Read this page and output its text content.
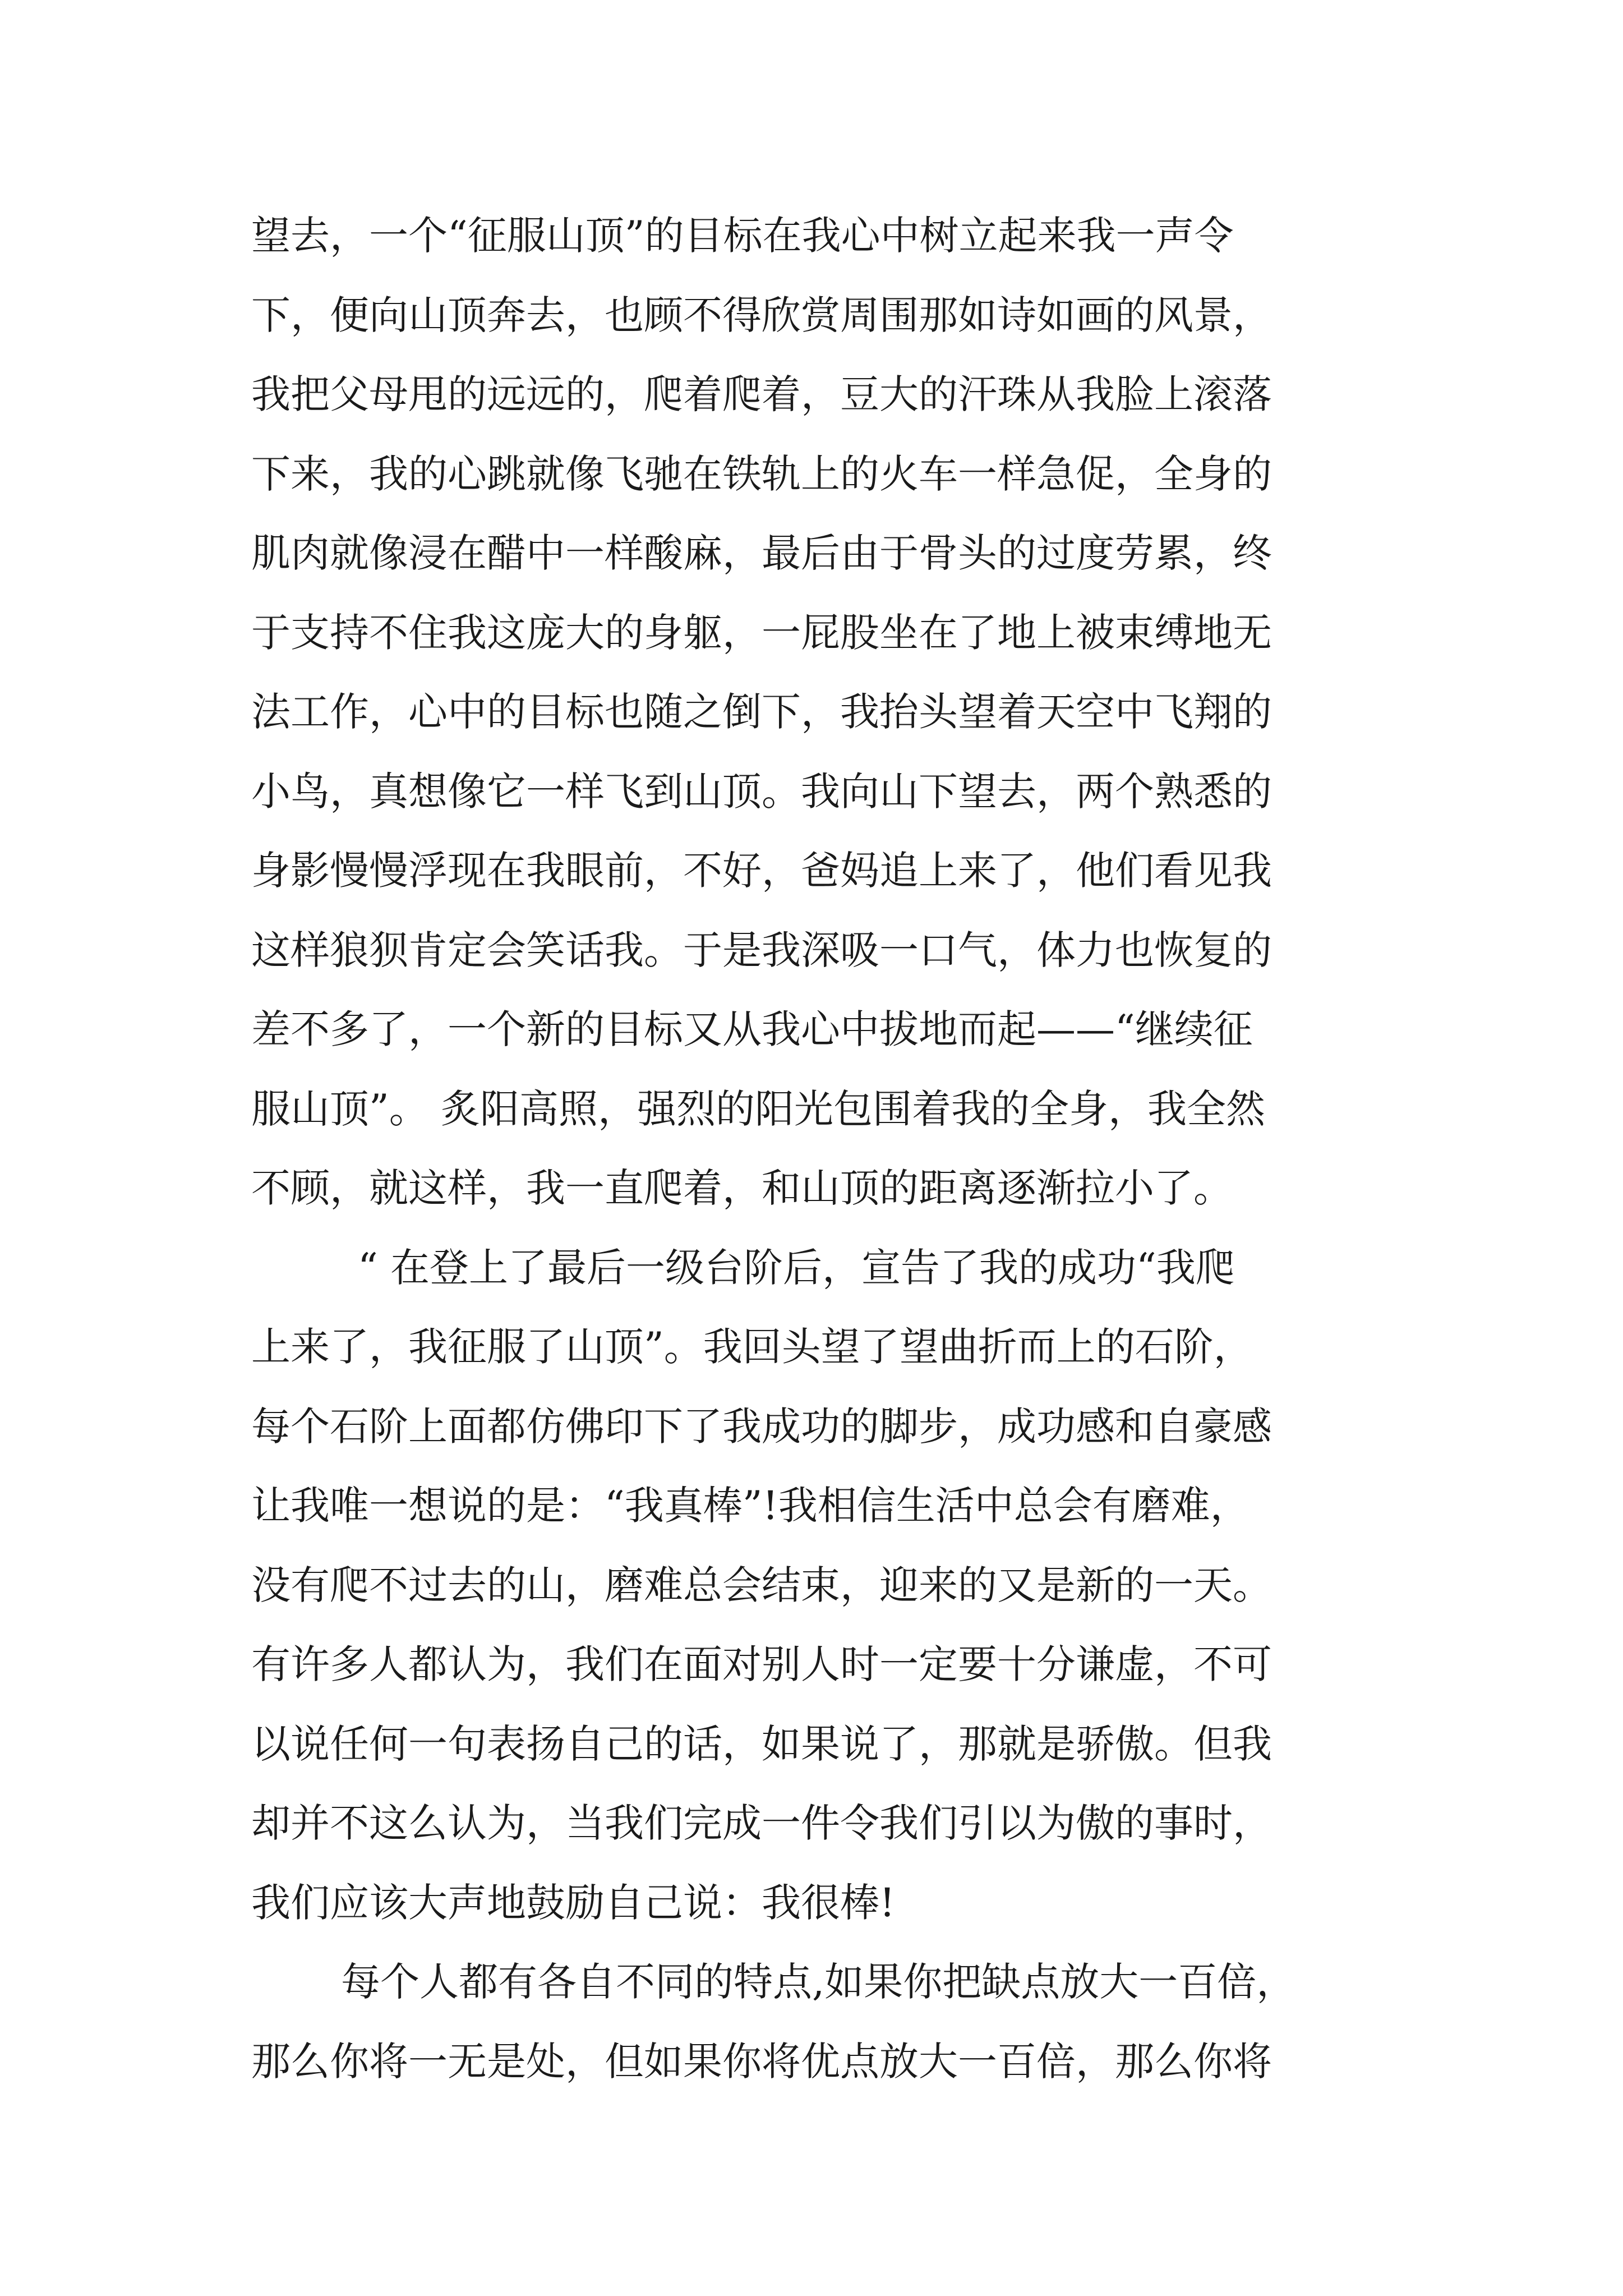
望去，一个“征服山顶”的目标在我心中树立起来我一声令
下，便向山顶奔去，也顾不得欣赏周围那如诗如画的风景，
我把父母甩的远远的，爬着爬着，豆大的汗珠从我脸上滚落
下来，我的心跳就像飞驰在铁轨上的火车一样急促，全身的
肌肉就像浸在醋中一样酸麻，最后由于骨头的过度劳累，终
于支持不住我这庞大的身躯，一屁股坐在了地上被束缚地无
法工作，心中的目标也随之倒下，我抬头望着天空中飞翔的
小鸟，真想像它一样飞到山顶。我向山下望去，两个熟悉的
身影慢慢浮现在我眼前，不好，爸妈追上来了，他们看见我
这样狼狈肯定会笑话我。于是我深吸一口气，体力也恢复的
差不多了，一个新的目标又从我心中拔地而起——“继续征
服山顶”。 炙阳高照，强烈的阳光包围着我的全身，我全然
不顾，就这样，我一直爬着，和山顶的距离逐渐拉小了。
“ 在登上了最后一级台阶后，宣告了我的成功“我爬
上来了，我征服了山顶”。我回头望了望曲折而上的石阶，
每个石阶上面都仿佛印下了我成功的脚步，成功感和自豪感
让我唯一想说的是：“我真棒”!我相信生活中总会有磨难，
没有爬不过去的山，磨难总会结束，迎来的又是新的一天。
有许多人都认为，我们在面对别人时一定要十分谦虚，不可
以说任何一句表扬自己的话，如果说了，那就是骄傲。但我
却并不这么认为，当我们完成一件令我们引以为傲的事时，
我们应该大声地鼓励自己说：我很棒!
每个人都有各自不同的特点,如果你把缺点放大一百倍，
那么你将一无是处，但如果你将优点放大一百倍，那么你将
